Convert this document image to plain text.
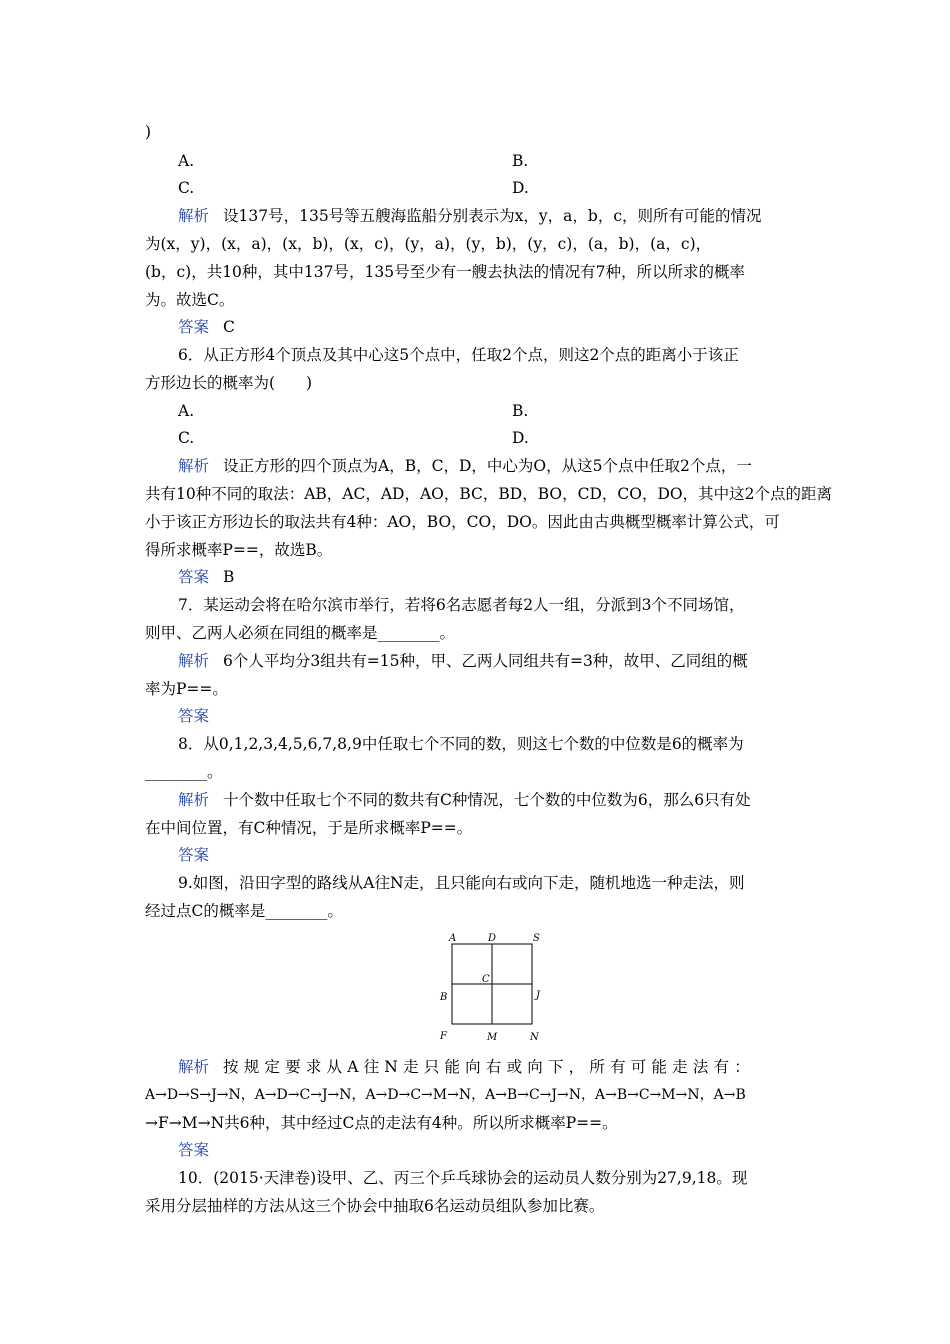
)
A.	B.
C.	D.
解析 设137号，135号等五艘海监船分别表示为x，y，a，b，c，则所有可能的情况
为(x，y)，(x，a)，(x，b)，(x，c)，(y，a)，(y，b)，(y，c)，(a，b)，(a，c)，
(b，c)，共10种，其中137号，135号至少有一艘去执法的情况有7种，所以所求的概率
为。故选C。
答案 C
6．从正方形4个顶点及其中心这5个点中，任取2个点，则这2个点的距离小于该正
方形边长的概率为(　　)
A.	B.
C.	D.
解析 设正方形的四个顶点为A，B，C，D，中心为O，从这5个点中任取2个点，一
共有10种不同的取法：AB，AC，AD，AO，BC，BD，BO，CD，CO，DO，其中这2个点的距离
小于该正方形边长的取法共有4种：AO，BO，CO，DO。因此由古典概型概率计算公式，可
得所求概率P==，故选B。
答案 B
7．某运动会将在哈尔滨市举行，若将6名志愿者每2人一组，分派到3个不同场馆，
则甲、乙两人必须在同组的概率是________。
解析 6个人平均分3组共有=15种，甲、乙两人同组共有=3种，故甲、乙同组的概
率为P==。
答案
8．从0,1,2,3,4,5,6,7,8,9中任取七个不同的数，则这七个数的中位数是6的概率为
________。
解析 十个数中任取七个不同的数共有C种情况，七个数的中位数为6，那么6只有处
在中间位置，有C种情况，于是所求概率P==。
答案
9.如图，沿田字型的路线从A往N走，且只能向右或向下走，随机地选一种走法，则
经过点C的概率是________。
A	D	S
B
C
J
F	M	N
解析 按规定要求从A往N走只能向右或向下，所有可能走法有：
A→D→S→J→N，A→D→C→J→N，A→D→C→M→N，A→B→C→J→N，A→B→C→M→N，A→B
→F→M→N共6种，其中经过C点的走法有4种。所以所求概率P==。
答案
10．(2015·天津卷)设甲、乙、丙三个乒乓球协会的运动员人数分别为27,9,18。现
采用分层抽样的方法从这三个协会中抽取6名运动员组队参加比赛。
